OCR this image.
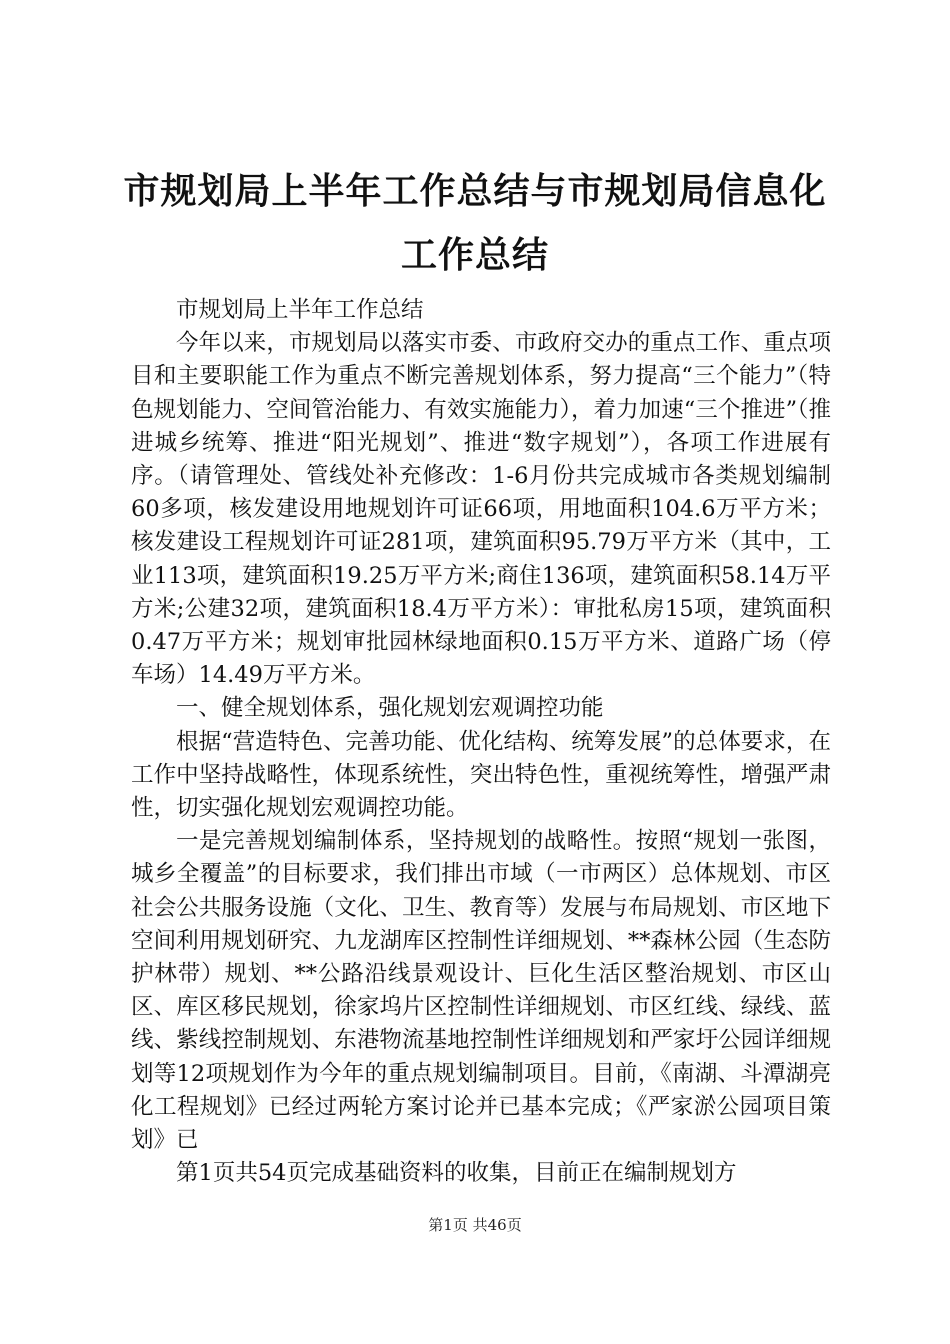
市规划局上半年工作总结与市规划局信息化工作总结

市规划局上半年工作总结

今年以来，市规划局以落实市委、市政府交办的重点工作、重点项目和主要职能工作为重点不断完善规划体系，努力提高“三个能力”（特色规划能力、空间管治能力、有效实施能力），着力加速“三个推进”（推进城乡统筹、推进“阳光规划”、推进“数字规划”），各项工作进展有序。（请管理处、管线处补充修改：1-6月份共完成城市各类规划编制60多项，核发建设用地规划许可证66项，用地面积104.6万平方米；核发建设工程规划许可证281项，建筑面积95.79万平方米（其中，工业113项，建筑面积19.25万平方米;商住136项，建筑面积58.14万平方米;公建32项，建筑面积18.4万平方米）：审批私房15项，建筑面积0.47万平方米；规划审批园林绿地面积0.15万平方米、道路广场（停车场）14.49万平方米。

一、健全规划体系，强化规划宏观调控功能

根据“营造特色、完善功能、优化结构、统筹发展”的总体要求，在工作中坚持战略性，体现系统性，突出特色性，重视统筹性，增强严肃性，切实强化规划宏观调控功能。

一是完善规划编制体系，坚持规划的战略性。按照“规划一张图，城乡全覆盖”的目标要求，我们排出市域（一市两区）总体规划、市区社会公共服务设施（文化、卫生、教育等）发展与布局规划、市区地下空间利用规划研究、九龙湖库区控制性详细规划、**森林公园（生态防护林带）规划、**公路沿线景观设计、巨化生活区整治规划、市区山区、库区移民规划，徐家坞片区控制性详细规划、市区红线、绿线、蓝线、紫线控制规划、东港物流基地控制性详细规划和严家圩公园详细规划等12项规划作为今年的重点规划编制项目。目前，《南湖、斗潭湖亮化工程规划》已经过两轮方案讨论并已基本完成；《严家淤公园项目策划》已

第1页共54页完成基础资料的收集，目前正在编制规划方

第1页 共46页
